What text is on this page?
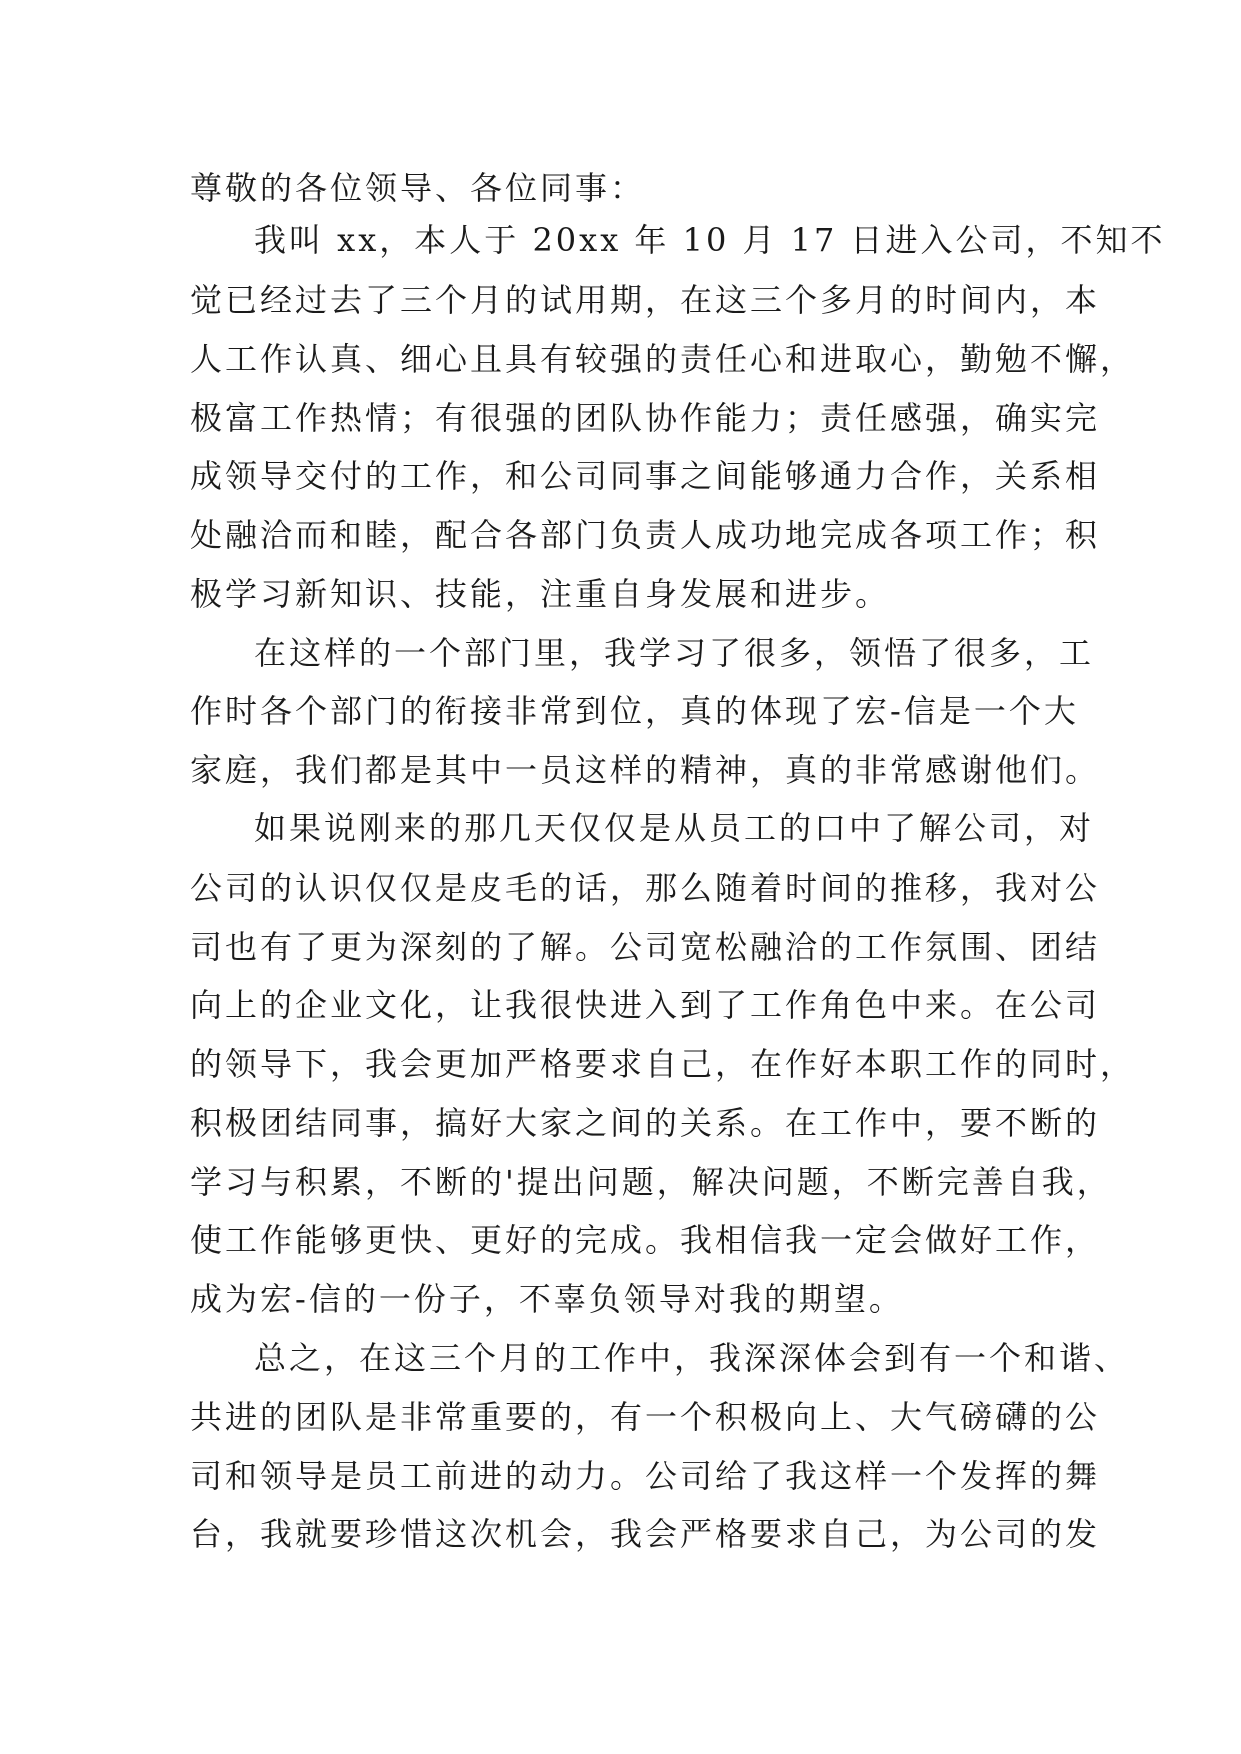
尊敬的各位领导、各位同事：
我叫 xx，本人于 20xx 年 10 月 17 日进入公司，不知不
觉已经过去了三个月的试用期，在这三个多月的时间内，本
人工作认真、细心且具有较强的责任心和进取心，勤勉不懈，
极富工作热情；有很强的团队协作能力；责任感强，确实完
成领导交付的工作，和公司同事之间能够通力合作，关系相
处融洽而和睦，配合各部门负责人成功地完成各项工作；积
极学习新知识、技能，注重自身发展和进步。
在这样的一个部门里，我学习了很多，领悟了很多，工
作时各个部门的衔接非常到位，真的体现了宏-信是一个大
家庭，我们都是其中一员这样的精神，真的非常感谢他们。
如果说刚来的那几天仅仅是从员工的口中了解公司，对
公司的认识仅仅是皮毛的话，那么随着时间的推移，我对公
司也有了更为深刻的了解。公司宽松融洽的工作氛围、团结
向上的企业文化，让我很快进入到了工作角色中来。在公司
的领导下，我会更加严格要求自己，在作好本职工作的同时，
积极团结同事，搞好大家之间的关系。在工作中，要不断的
学习与积累，不断的'提出问题，解决问题，不断完善自我，
使工作能够更快、更好的完成。我相信我一定会做好工作，
成为宏-信的一份子，不辜负领导对我的期望。
总之，在这三个月的工作中，我深深体会到有一个和谐、
共进的团队是非常重要的，有一个积极向上、大气磅礴的公
司和领导是员工前进的动力。公司给了我这样一个发挥的舞
台，我就要珍惜这次机会，我会严格要求自己，为公司的发
